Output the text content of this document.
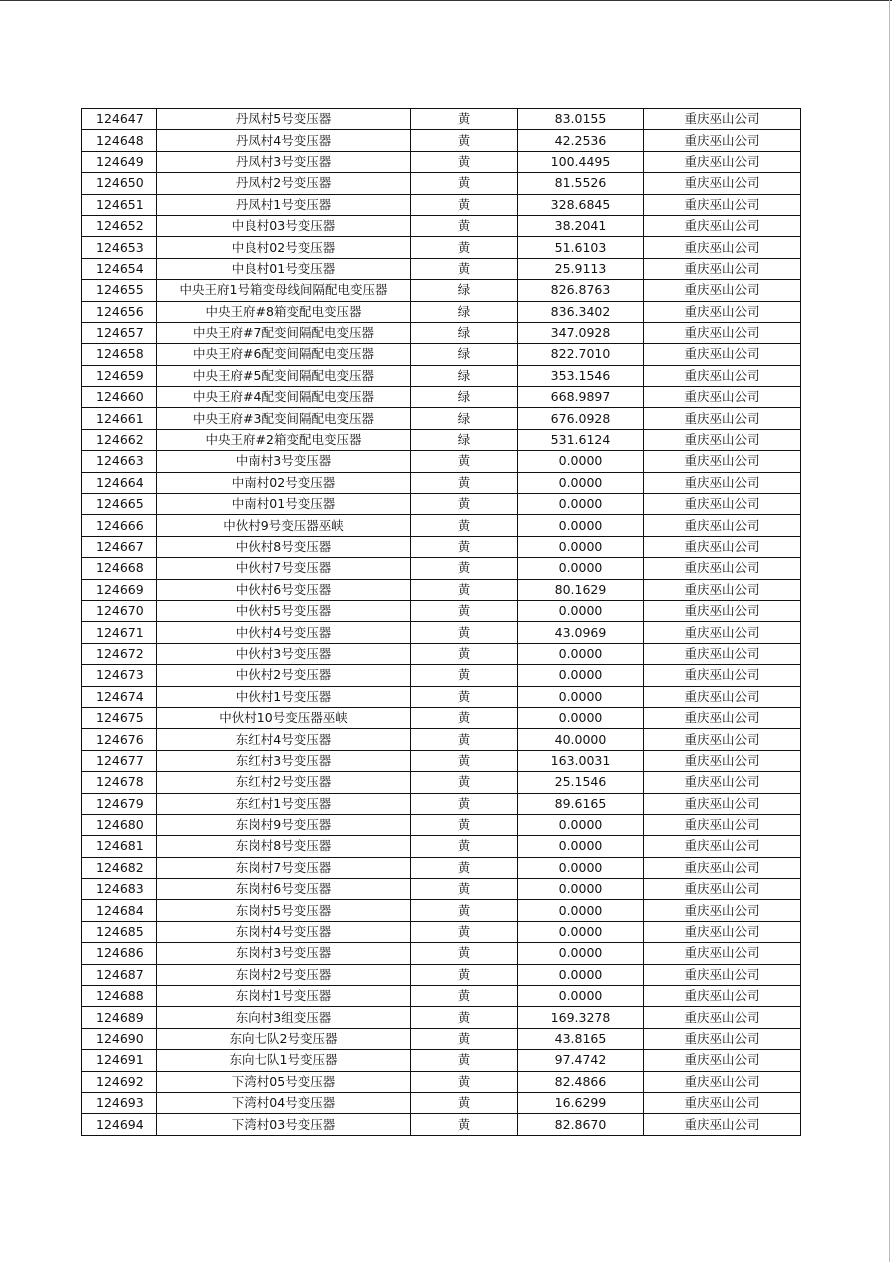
124647	丹凤村5号变压器	黄	83.0155	重庆巫山公司
124648	丹凤村4号变压器	黄	42.2536	重庆巫山公司
124649	丹凤村3号变压器	黄	100.4495	重庆巫山公司
124650	丹凤村2号变压器	黄	81.5526	重庆巫山公司
124651	丹凤村1号变压器	黄	328.6845	重庆巫山公司
124652	中良村03号变压器	黄	38.2041	重庆巫山公司
124653	中良村02号变压器	黄	51.6103	重庆巫山公司
124654	中良村01号变压器	黄	25.9113	重庆巫山公司
124655	中央王府1号箱变母线间隔配电变压器	绿	826.8763	重庆巫山公司
124656	中央王府#8箱变配电变压器	绿	836.3402	重庆巫山公司
124657	中央王府#7配变间隔配电变压器	绿	347.0928	重庆巫山公司
124658	中央王府#6配变间隔配电变压器	绿	822.7010	重庆巫山公司
124659	中央王府#5配变间隔配电变压器	绿	353.1546	重庆巫山公司
124660	中央王府#4配变间隔配电变压器	绿	668.9897	重庆巫山公司
124661	中央王府#3配变间隔配电变压器	绿	676.0928	重庆巫山公司
124662	中央王府#2箱变配电变压器	绿	531.6124	重庆巫山公司
124663	中南村3号变压器	黄	0.0000	重庆巫山公司
124664	中南村02号变压器	黄	0.0000	重庆巫山公司
124665	中南村01号变压器	黄	0.0000	重庆巫山公司
124666	中伙村9号变压器巫峡	黄	0.0000	重庆巫山公司
124667	中伙村8号变压器	黄	0.0000	重庆巫山公司
124668	中伙村7号变压器	黄	0.0000	重庆巫山公司
124669	中伙村6号变压器	黄	80.1629	重庆巫山公司
124670	中伙村5号变压器	黄	0.0000	重庆巫山公司
124671	中伙村4号变压器	黄	43.0969	重庆巫山公司
124672	中伙村3号变压器	黄	0.0000	重庆巫山公司
124673	中伙村2号变压器	黄	0.0000	重庆巫山公司
124674	中伙村1号变压器	黄	0.0000	重庆巫山公司
124675	中伙村10号变压器巫峡	黄	0.0000	重庆巫山公司
124676	东红村4号变压器	黄	40.0000	重庆巫山公司
124677	东红村3号变压器	黄	163.0031	重庆巫山公司
124678	东红村2号变压器	黄	25.1546	重庆巫山公司
124679	东红村1号变压器	黄	89.6165	重庆巫山公司
124680	东岗村9号变压器	黄	0.0000	重庆巫山公司
124681	东岗村8号变压器	黄	0.0000	重庆巫山公司
124682	东岗村7号变压器	黄	0.0000	重庆巫山公司
124683	东岗村6号变压器	黄	0.0000	重庆巫山公司
124684	东岗村5号变压器	黄	0.0000	重庆巫山公司
124685	东岗村4号变压器	黄	0.0000	重庆巫山公司
124686	东岗村3号变压器	黄	0.0000	重庆巫山公司
124687	东岗村2号变压器	黄	0.0000	重庆巫山公司
124688	东岗村1号变压器	黄	0.0000	重庆巫山公司
124689	东向村3组变压器	黄	169.3278	重庆巫山公司
124690	东向七队2号变压器	黄	43.8165	重庆巫山公司
124691	东向七队1号变压器	黄	97.4742	重庆巫山公司
124692	下湾村05号变压器	黄	82.4866	重庆巫山公司
124693	下湾村04号变压器	黄	16.6299	重庆巫山公司
124694	下湾村03号变压器	黄	82.8670	重庆巫山公司
